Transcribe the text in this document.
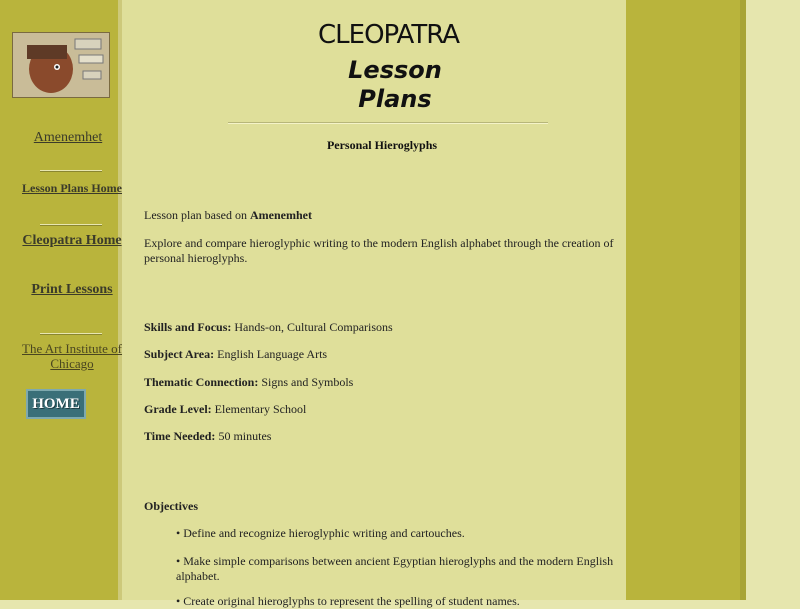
Amenemhet
Lesson Plans Home
Cleopatra Home
Print Lessons
The Art Institute of Chicago
HOME
CLEOPATRA
Lesson
Plans
Personal Hieroglyphs
Lesson plan based on Amenemhet
Explore and compare hieroglyphic writing to the modern English alphabet through the creation of personal hieroglyphs.
Skills and Focus: Hands-on, Cultural Comparisons
Subject Area: English Language Arts
Thematic Connection: Signs and Symbols
Grade Level: Elementary School
Time Needed: 50 minutes
Objectives
• Define and recognize hieroglyphic writing and cartouches.
• Make simple comparisons between ancient Egyptian hieroglyphs and the modern English alphabet.
• Create original hieroglyphs to represent the spelling of student names.
